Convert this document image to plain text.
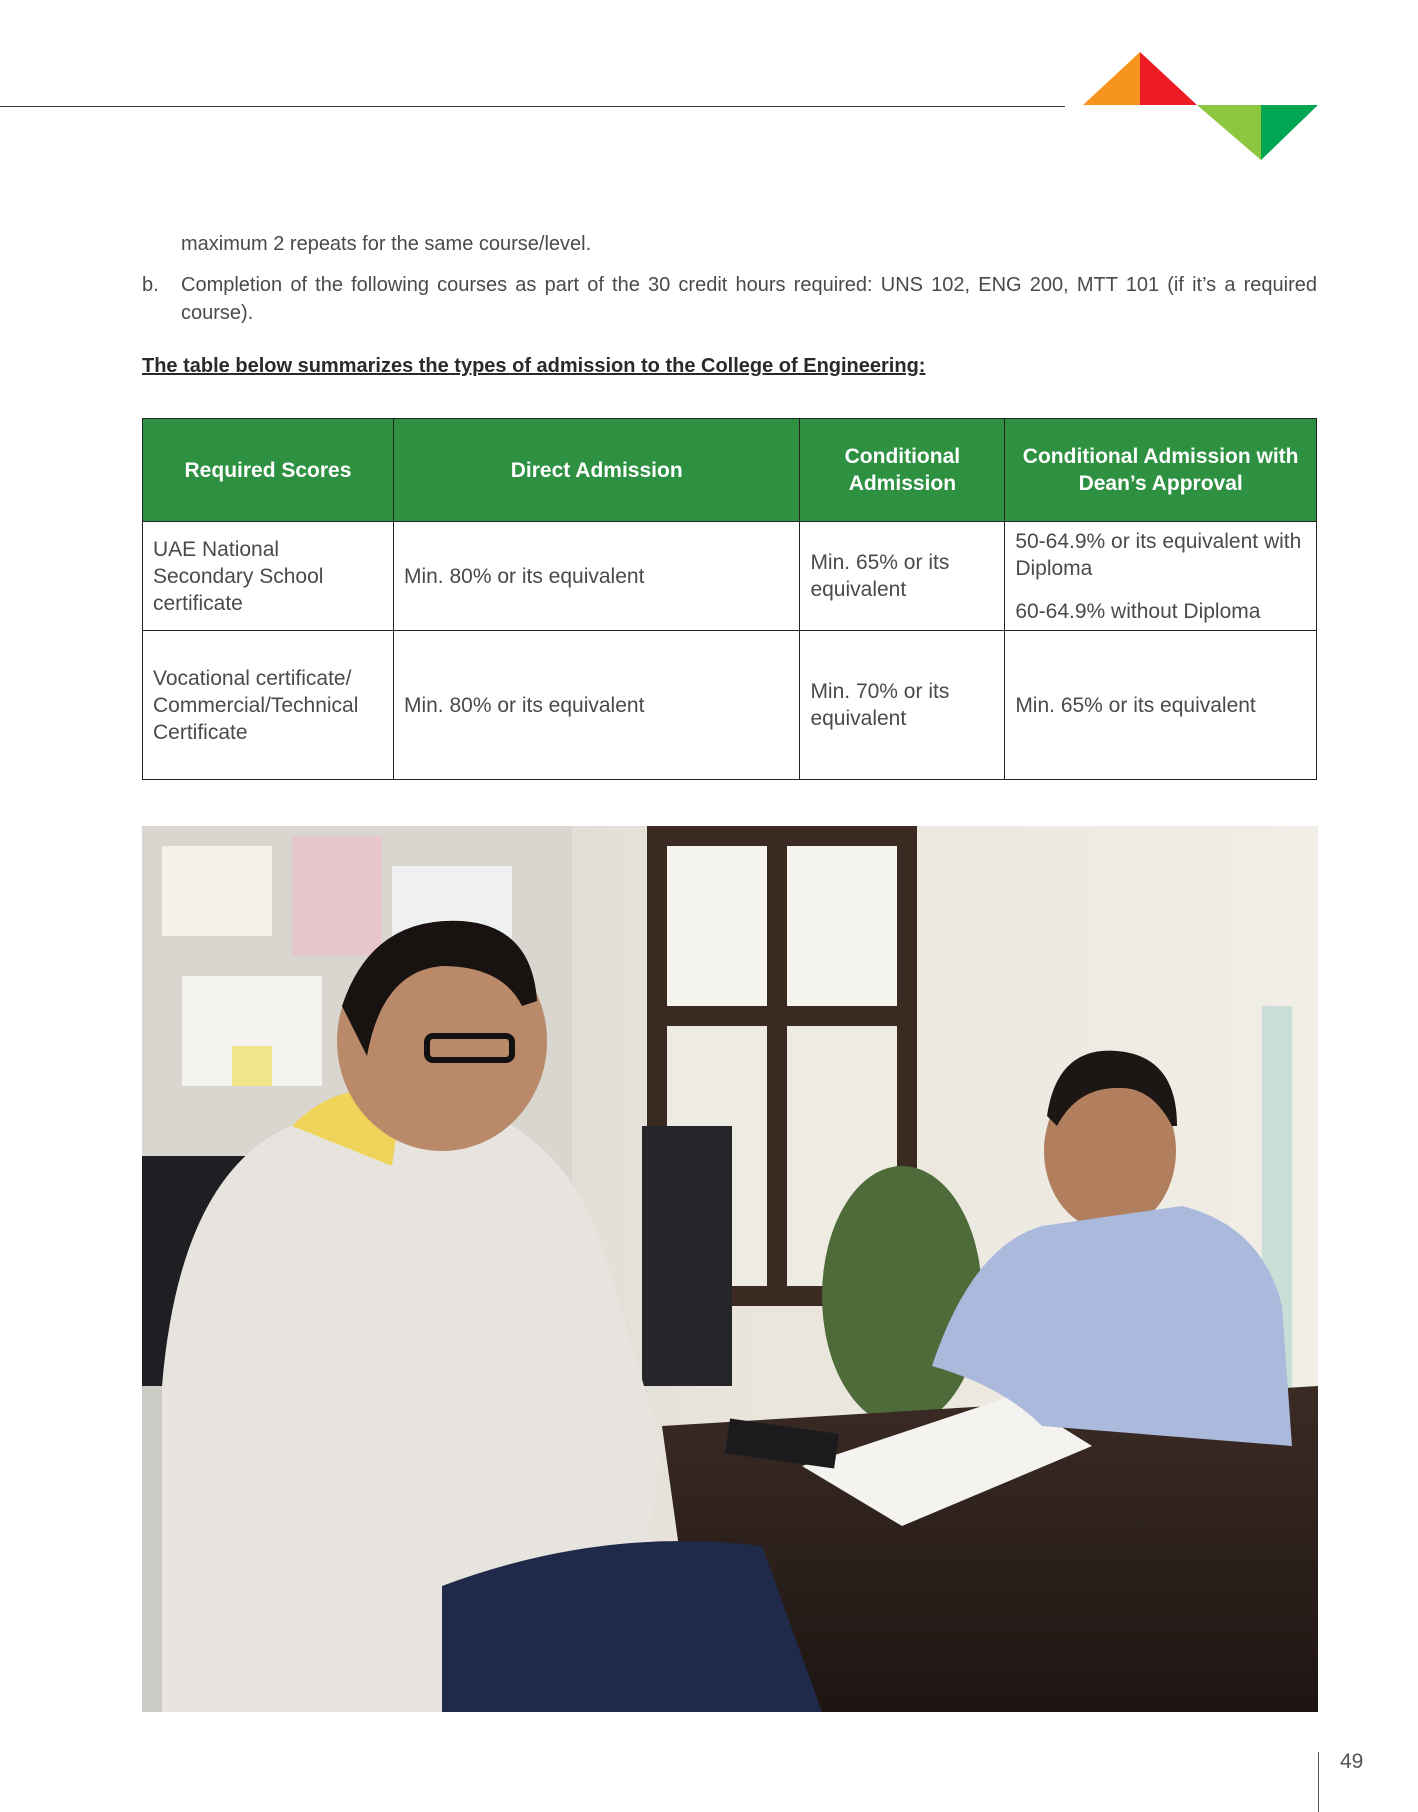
maximum 2 repeats for the same course/level.
b. Completion of the following courses as part of the 30 credit hours required: UNS 102, ENG 200, MTT 101 (if it’s a required course).
The table below summarizes the types of admission to the College of Engineering:
Required Scores	Direct Admission	Conditional Admission	Conditional Admission with Dean’s Approval
UAE National Secondary School certificate	Min. 80% or its equivalent	Min. 65% or its equivalent	50-64.9% or its equivalent with Diploma
60-64.9% without Diploma

Vocational certificate/ Commercial/Technical Certificate	Min. 80% or its equivalent	Min. 70% or its equivalent	Min. 65% or its equivalent
49
